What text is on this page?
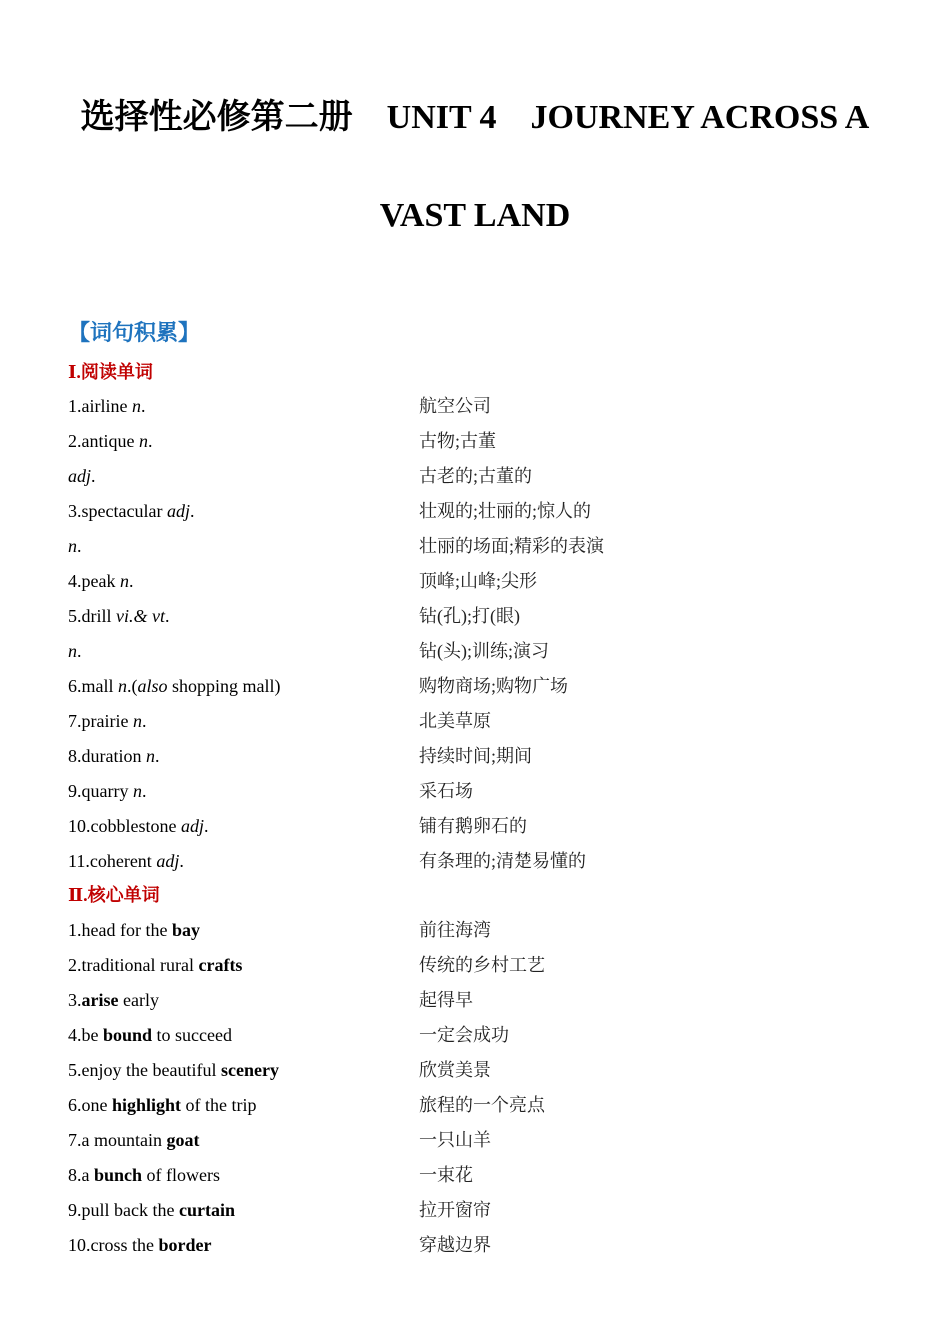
选择性必修第二册    UNIT 4    JOURNEY ACROSS A
VAST LAND
【词句积累】
Ⅰ.阅读单词
1.airline n.	航空公司
2.antique n.	古物;古董
adj.	古老的;古董的
3.spectacular adj.	壮观的;壮丽的;惊人的
n.	壮丽的场面;精彩的表演
4.peak n.	顶峰;山峰;尖形
5.drill vi.& vt.	钻(孔);打(眼)
n.	钻(头);训练;演习
6.mall n.(also shopping mall)	购物商场;购物广场
7.prairie n.	北美草原
8.duration n.	持续时间;期间
9.quarry n.	采石场
10.cobblestone adj.	铺有鹅卵石的
11.coherent adj.	有条理的;清楚易懂的
Ⅱ.核心单词
1.head for the bay	前往海湾
2.traditional rural crafts	传统的乡村工艺
3.arise early	起得早
4.be bound to succeed	一定会成功
5.enjoy the beautiful scenery	欣赏美景
6.one highlight of the trip	旅程的一个亮点
7.a mountain goat	一只山羊
8.a bunch of flowers	一束花
9.pull back the curtain	拉开窗帘
10.cross the border	穿越边界
